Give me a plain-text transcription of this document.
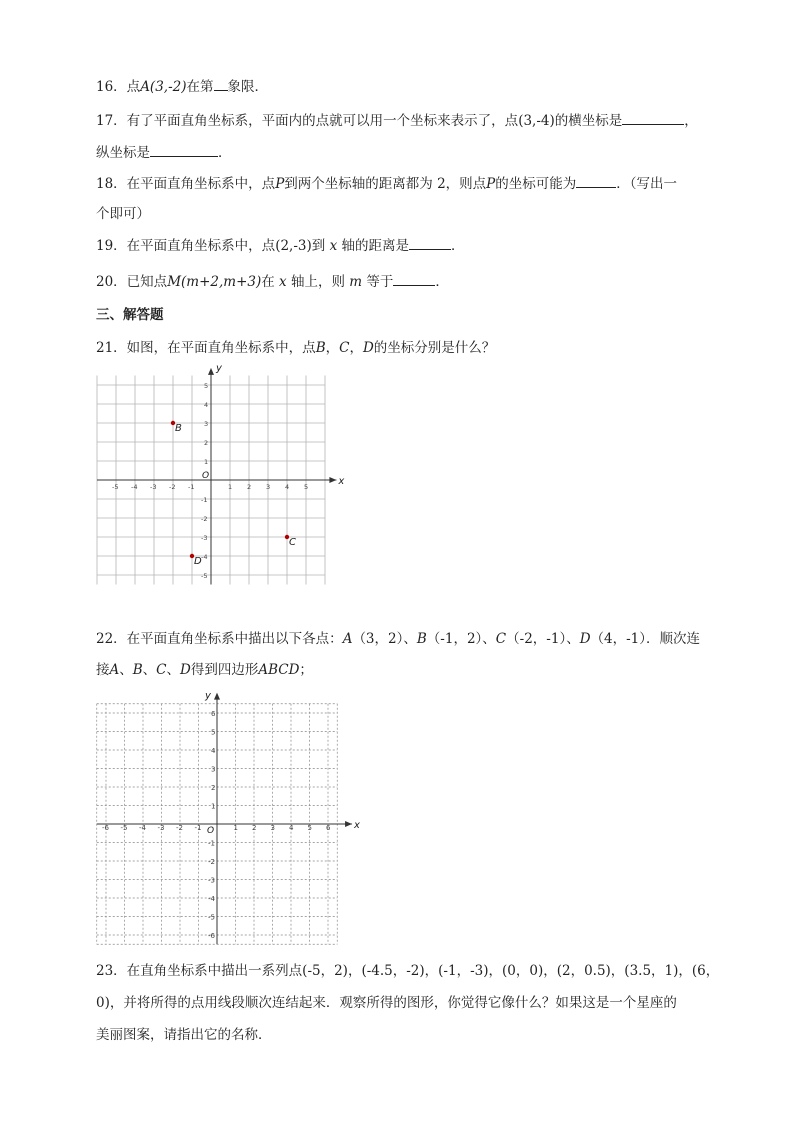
16．点A(3,-2)在第 象限．
17．有了平面直角坐标系，平面内的点就可以用一个坐标来表示了，点(3,-4)的横坐标是	，
纵坐标是	．
18．在平面直角坐标系中，点P到两个坐标轴的距离都为 2，则点P的坐标可能为	．（写出一
个即可）
19．在平面直角坐标系中，点(2,-3)到 x 轴的距离是	．
20．已知点M(m+2,m+3)在 x 轴上，则 m 等于	．
三、解答题
21．如图，在平面直角坐标系中，点B，C，D的坐标分别是什么？
x
y
O
-5 -4 -3 -2 -1	1 2 3 4 5
5
4
3
2
1
-1
-2
-3
-4
-5
B
C
D
22．在平面直角坐标系中描出以下各点：A（3，2）、B（-1，2）、C（-2，-1）、D（4，-1）．顺次连
接A、B、C、D得到四边形ABCD；
x
y
O
-6 -5 -4 -3 -2 -1	1 2 3 4 5 6
6
5
4
3
2
1
-1
-2
-3
-4
-5
-6
23．在直角坐标系中描出一系列点(-5，2)，(-4.5，-2)，(-1，-3)，(0，0)，(2，0.5)，(3.5，1)，(6，
0)，并将所得的点用线段顺次连结起来．观察所得的图形，你觉得它像什么？如果这是一个星座的
美丽图案，请指出它的名称．
